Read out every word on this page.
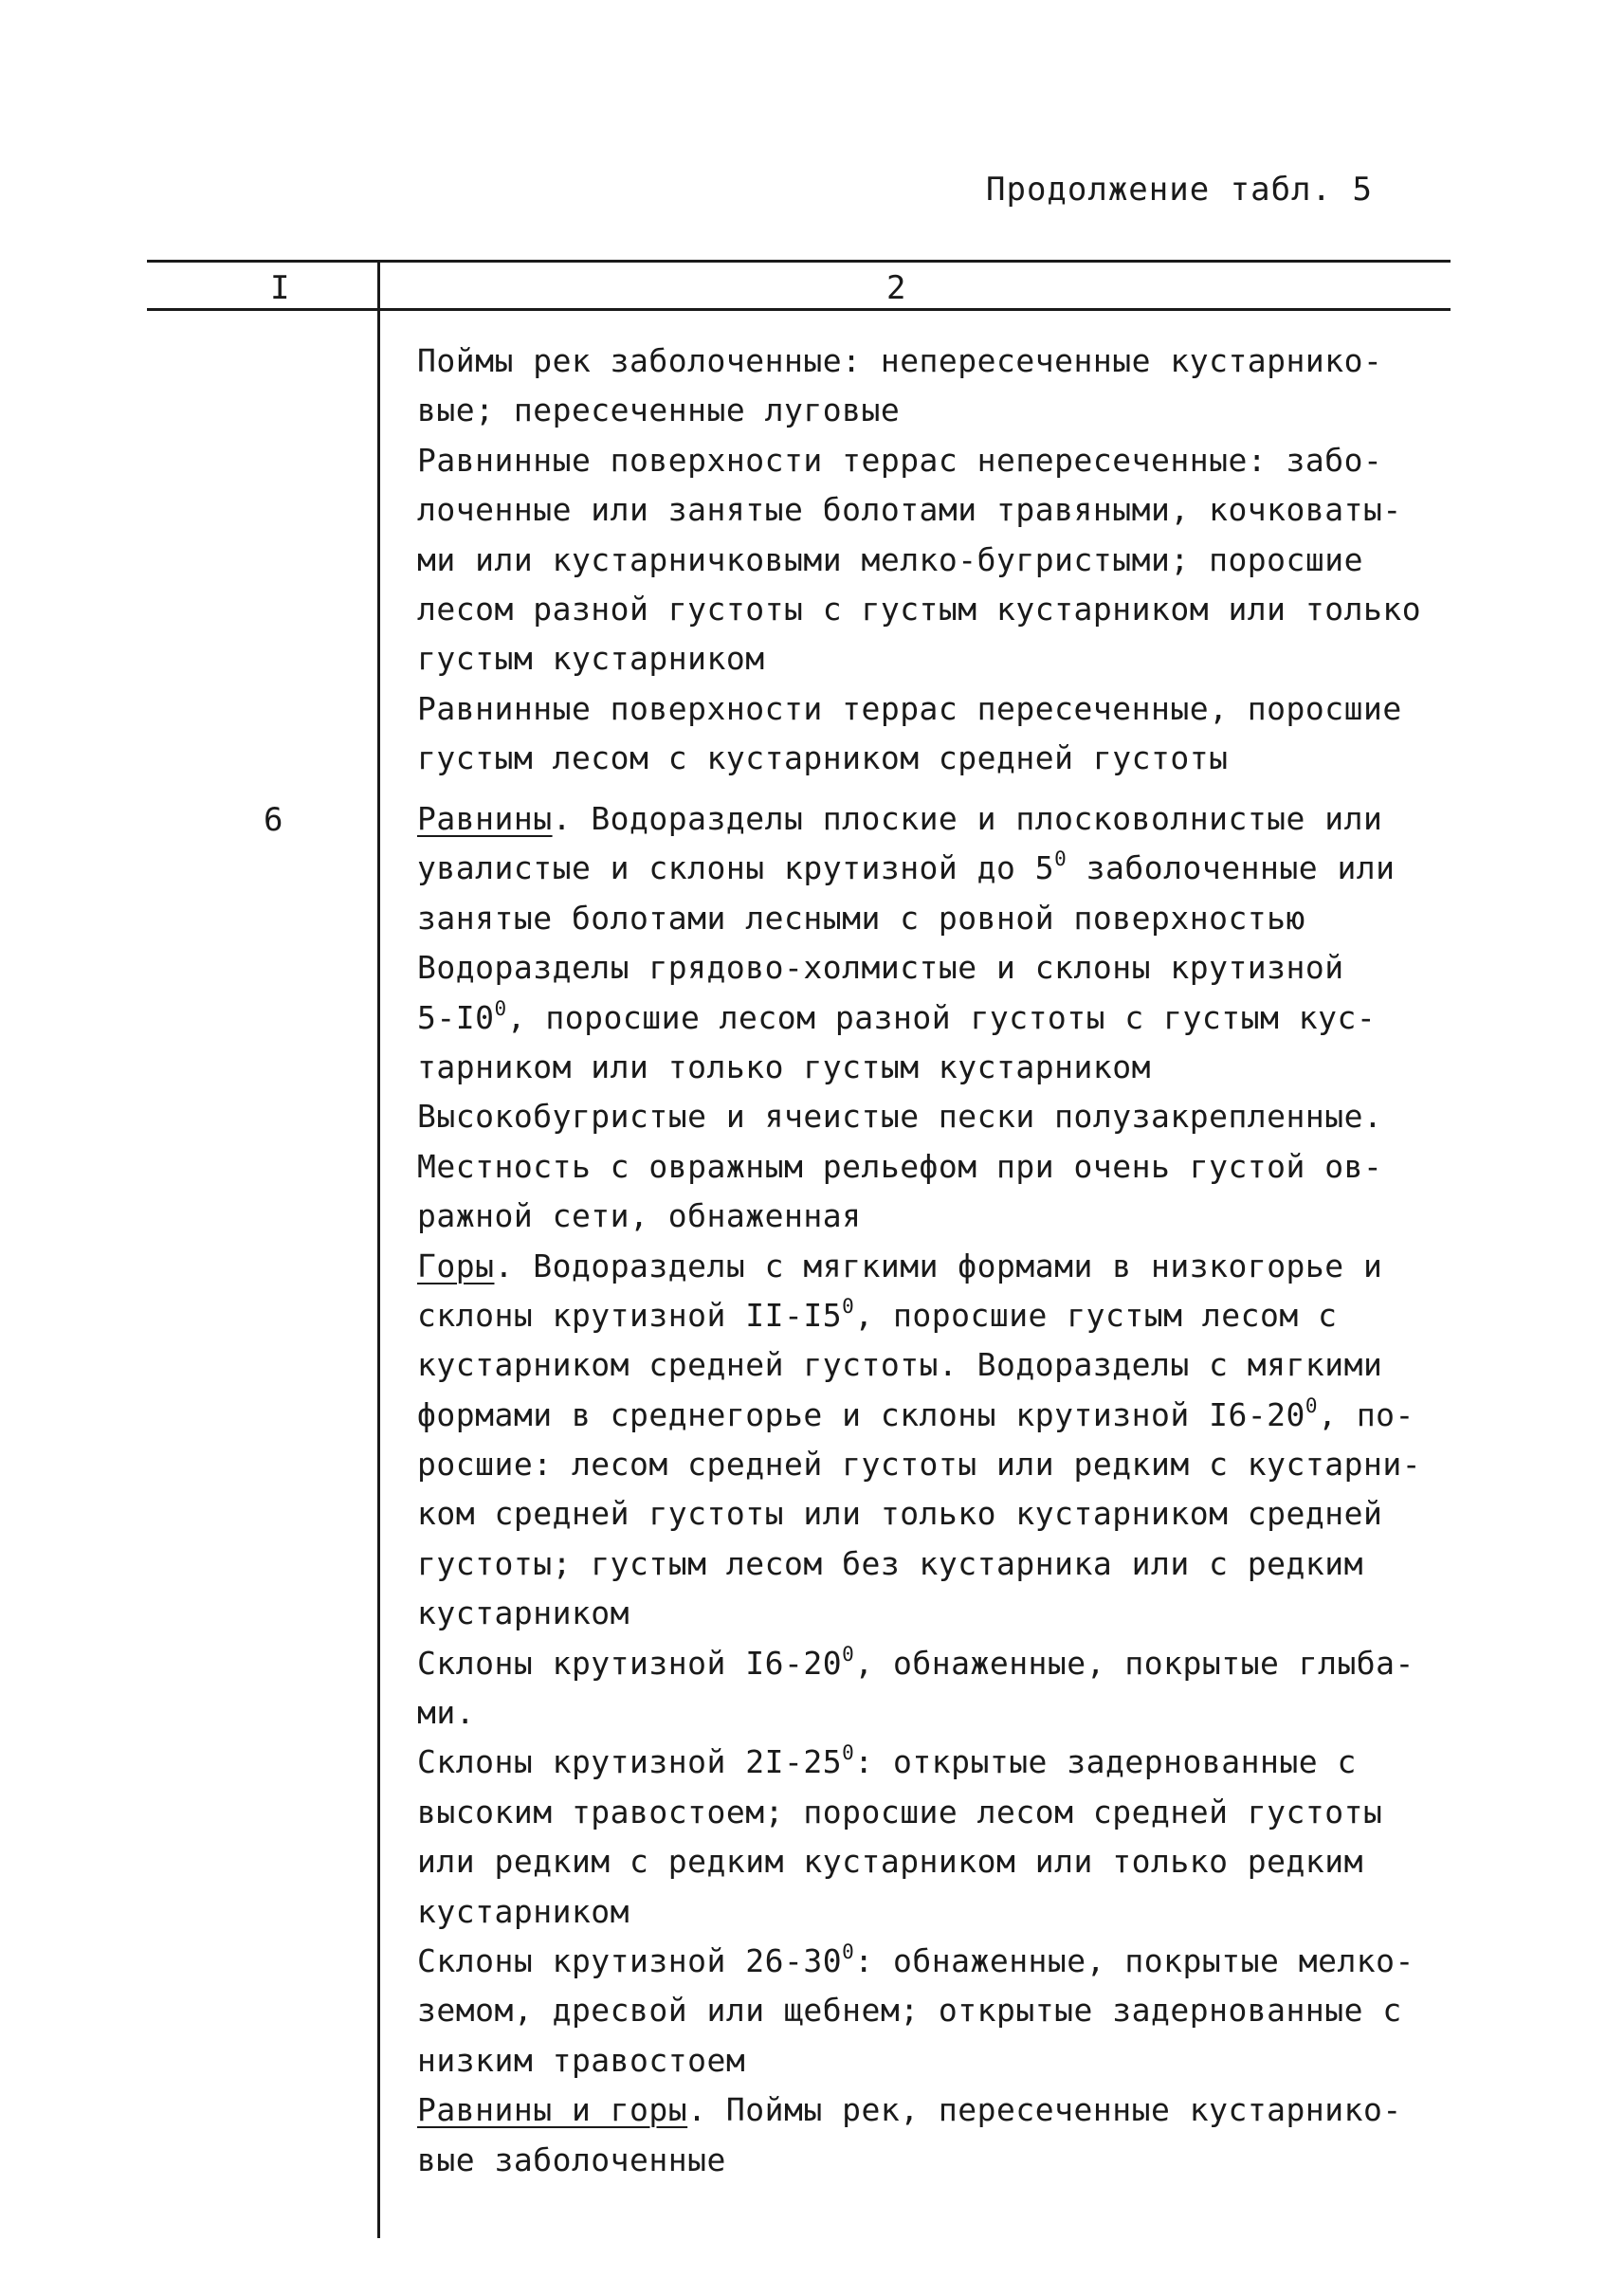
Продолжение табл. 5
I	2
Поймы рек заболоченные: непересеченные кустарнико-
вые; пересеченные луговые
Равнинные поверхности террас непересеченные: забо-
лоченные или занятые болотами травяными, кочковаты-
ми или кустарничковыми мелко-бугристыми; поросшие
лесом разной густоты с густым кустарником или только
густым кустарником
Равнинные поверхности террас пересеченные, поросшие
густым лесом с кустарником средней густоты
6	Равнины. Водоразделы плоские и плосковолнистые или
увалистые и склоны крутизной до $5^0$ заболоченные или
занятые болотами лесными с ровной поверхностью
Водоразделы грядово-холмистые и склоны крутизной
$5-I0^0$, поросшие лесом разной густоты с густым кус-
тарником или только густым кустарником
Высокобугристые и ячеистые пески полузакрепленные.
Местность с овражным рельефом при очень густой ов-
ражной сети, обнаженная
Горы. Водоразделы с мягкими формами в низкогорье и
склоны крутизной $II-I5^0$, поросшие густым лесом с
кустарником средней густоты. Водоразделы с мягкими
формами в среднегорье и склоны крутизной $I6-20^0$, по-
росшие: лесом средней густоты или редким с кустарни-
ком средней густоты или только кустарником средней
густоты; густым лесом без кустарника или с редким
кустарником
Склоны крутизной $I6-20^0$, обнаженные, покрытые глыба-
ми.
Склоны крутизной $2I-25^0$: открытые задернованные с
высоким травостоем; поросшие лесом средней густоты
или редким с редким кустарником или только редким
кустарником
Склоны крутизной $26-30^0$: обнаженные, покрытые мелко-
земом, дресвой или щебнем; открытые задернованные с
низким травостоем
Равнины и горы. Поймы рек, пересеченные кустарнико-
вые заболоченные
